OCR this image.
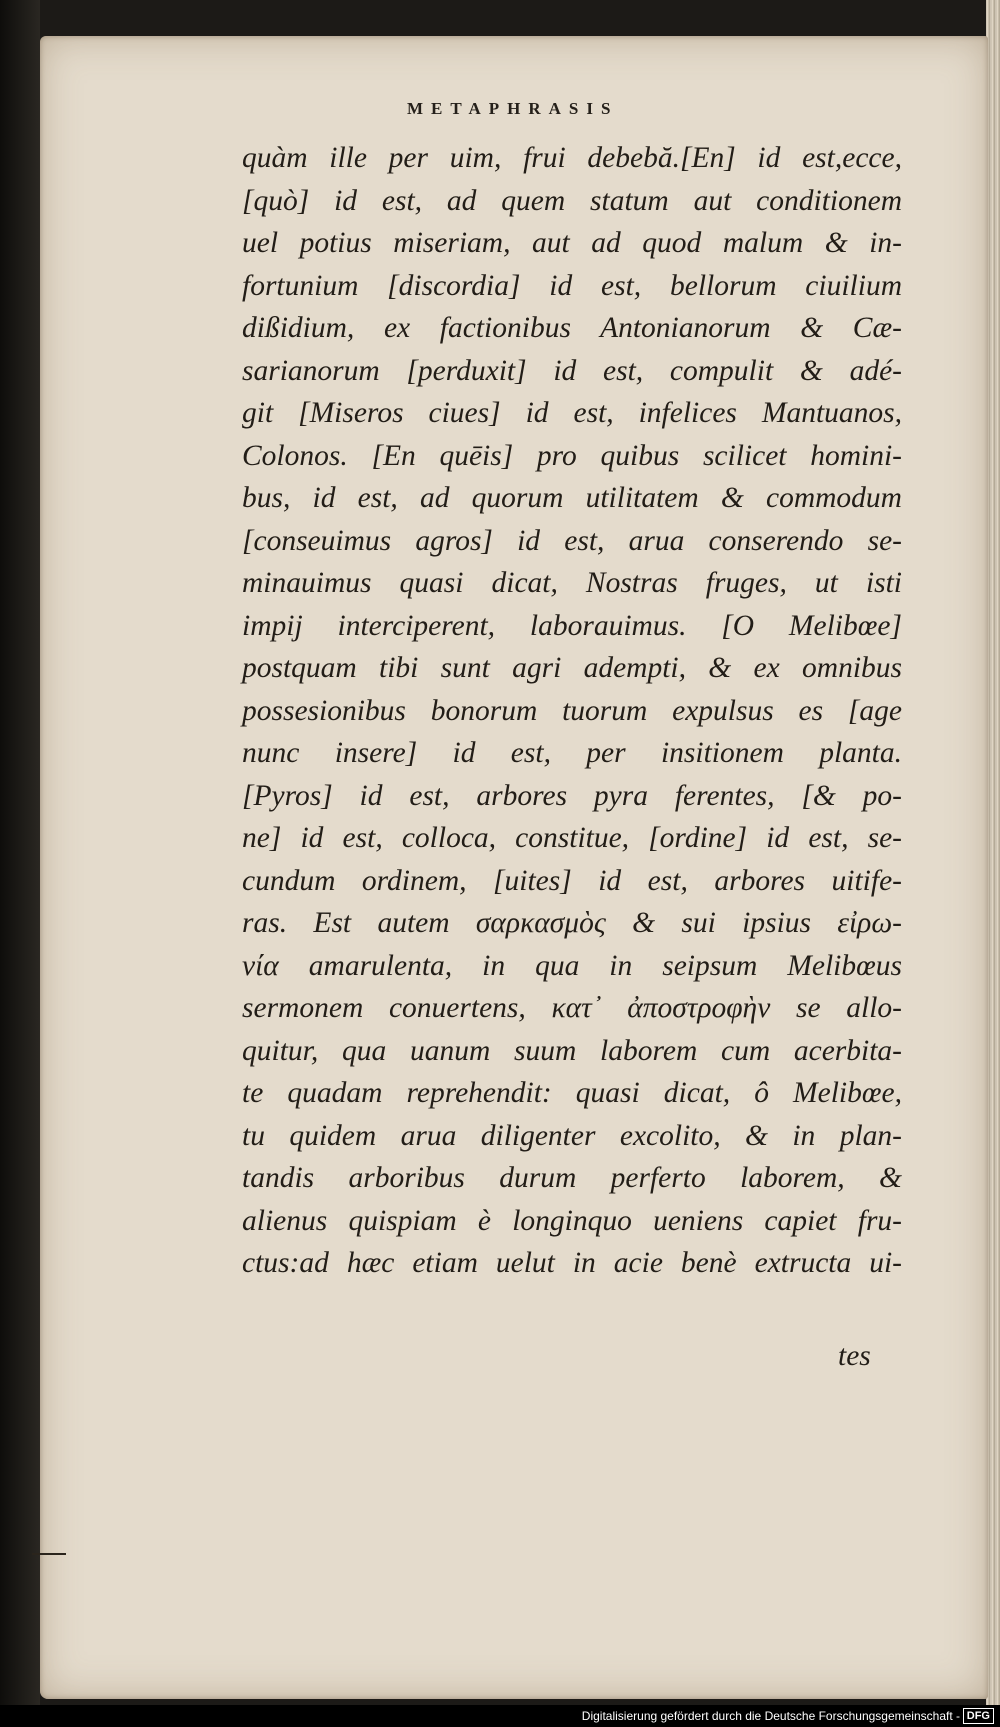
METAPHRASIS

quàm ille per uim, frui debebă.[En] id est,ecce,
[quò] id est, ad quem statum aut conditionem
uel potius miseriam, aut ad quod malum & in-
fortunium [discordia] id est, bellorum ciuilium
dißidium, ex factionibus Antonianorum & Cæ-
sarianorum [perduxit] id est, compulit & adé-
git [Miseros ciues] id est, infelices Mantuanos,
Colonos. [En quēis] pro quibus scilicet homini-
bus, id est, ad quorum utilitatem & commodum
[conseuimus agros] id est, arua conserendo se-
minauimus quasi dicat, Nostras fruges, ut isti
impij interciperent, laborauimus. [O Melibœe]
postquam tibi sunt agri adempti, & ex omnibus
possesionibus bonorum tuorum expulsus es [age
nunc insere] id est, per insitionem planta.
[Pyros] id est, arbores pyra ferentes, [& po-
ne] id est, colloca, constitue, [ordine] id est, se-
cundum ordinem, [uites] id est, arbores uitife-
ras. Est autem σαρκασμὸς & sui ipsius εἰρω-
νία amarulenta, in qua in seipsum Melibœus
sermonem conuertens, κατ᾽ ἀποστροφὴν se allo-
quitur, qua uanum suum laborem cum acerbita-
te quadam reprehendit: quasi dicat, ô Melibœe,
tu quidem arua diligenter excolito, & in plan-
tandis arboribus durum perferto laborem, &
alienus quispiam è longinquo ueniens capiet fru-
ctus:ad hæc etiam uelut in acie benè extructa ui-
tes
Digitalisierung gefördert durch die Deutsche Forschungsgemeinschaft - DFG
